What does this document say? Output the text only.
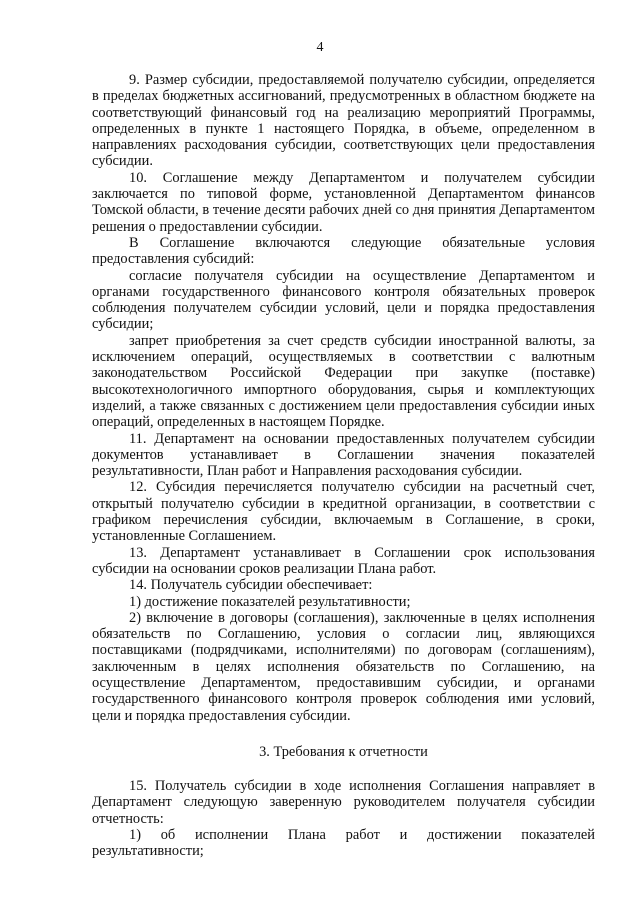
4

9. Размер субсидии, предоставляемой получателю субсидии, определяется в пределах бюджетных ассигнований, предусмотренных в областном бюджете на соответствующий финансовый год на реализацию мероприятий Программы, определенных в пункте 1 настоящего Порядка, в объеме, определенном в направлениях расходования субсидии, соответствующих цели предоставления субсидии.

10. Соглашение между Департаментом и получателем субсидии заключается по типовой форме, установленной Департаментом финансов Томской области, в течение десяти рабочих дней со дня принятия Департаментом решения о предоставлении субсидии.

В Соглашение включаются следующие обязательные условия предоставления субсидий:

согласие получателя субсидии на осуществление Департаментом и органами государственного финансового контроля обязательных проверок соблюдения получателем субсидии условий, цели и порядка предоставления субсидии;

запрет приобретения за счет средств субсидии иностранной валюты, за исключением операций, осуществляемых в соответствии с валютным законодательством Российской Федерации при закупке (поставке) высокотехнологичного импортного оборудования, сырья и комплектующих изделий, а также связанных с достижением цели предоставления субсидии иных операций, определенных в настоящем Порядке.

11. Департамент на основании предоставленных получателем субсидии документов устанавливает в Соглашении значения показателей результативности, План работ и Направления расходования субсидии.

12. Субсидия перечисляется получателю субсидии на расчетный счет, открытый получателю субсидии в кредитной организации, в соответствии с графиком перечисления субсидии, включаемым в Соглашение, в сроки, установленные Соглашением.

13. Департамент устанавливает в Соглашении срок использования субсидии на основании сроков реализации Плана работ.

14. Получатель субсидии обеспечивает:

1) достижение показателей результативности;

2) включение в договоры (соглашения), заключенные в целях исполнения обязательств по Соглашению, условия о согласии лиц, являющихся поставщиками (подрядчиками, исполнителями) по договорам (соглашениям), заключенным в целях исполнения обязательств по Соглашению, на осуществление Департаментом, предоставившим субсидии, и органами государственного финансового контроля проверок соблюдения ими условий, цели и порядка предоставления субсидии.

3. Требования к отчетности

15. Получатель субсидии в ходе исполнения Соглашения направляет в Департамент следующую заверенную руководителем получателя субсидии отчетность:

1) об исполнении Плана работ и достижении показателей результативности;
